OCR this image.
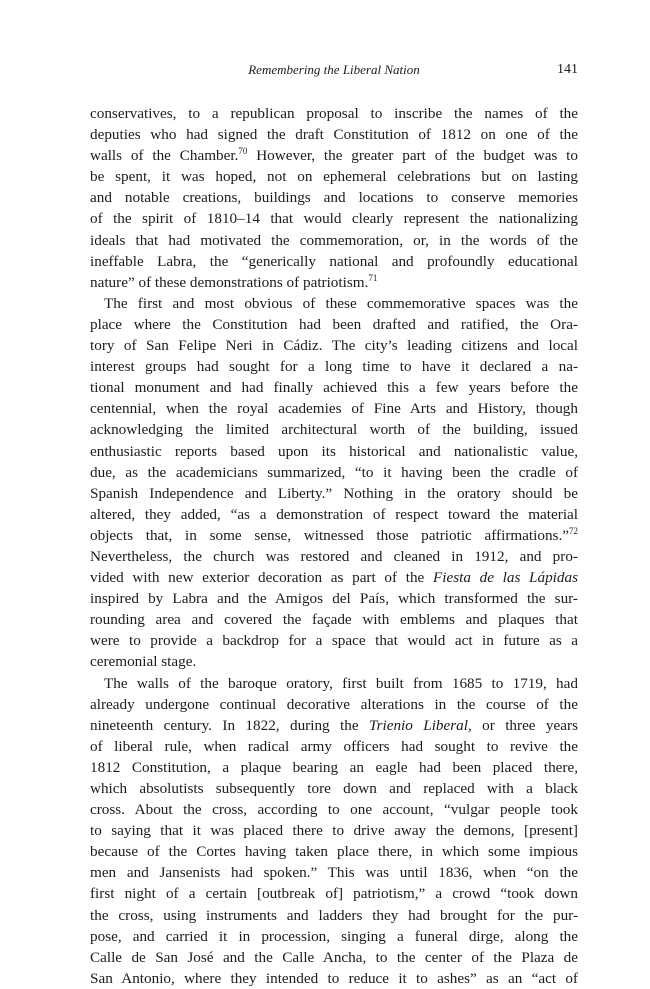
Remembering the Liberal Nation	141
conservatives, to a republican proposal to inscribe the names of the
deputies who had signed the draft Constitution of 1812 on one of the
walls of the Chamber.$^{70}$ However, the greater part of the budget was to
be spent, it was hoped, not on ephemeral celebrations but on lasting
and notable creations, buildings and locations to conserve memories
of the spirit of 1810–14 that would clearly represent the nationalizing
ideals that had motivated the commemoration, or, in the words of the
ineffable Labra, the “generically national and profoundly educational
nature” of these demonstrations of patriotism.$^{71}$
The first and most obvious of these commemorative spaces was the
place where the Constitution had been drafted and ratified, the Ora-
tory of San Felipe Neri in Cádiz. The city’s leading citizens and local
interest groups had sought for a long time to have it declared a na-
tional monument and had finally achieved this a few years before the
centennial, when the royal academies of Fine Arts and History, though
acknowledging the limited architectural worth of the building, issued
enthusiastic reports based upon its historical and nationalistic value,
due, as the academicians summarized, “to it having been the cradle of
Spanish Independence and Liberty.” Nothing in the oratory should be
altered, they added, “as a demonstration of respect toward the material
objects that, in some sense, witnessed those patriotic affirmations.”$^{72}$
Nevertheless, the church was restored and cleaned in 1912, and pro-
vided with new exterior decoration as part of the Fiesta de las Lápidas
inspired by Labra and the Amigos del País, which transformed the sur-
rounding area and covered the façade with emblems and plaques that
were to provide a backdrop for a space that would act in future as a
ceremonial stage.
The walls of the baroque oratory, first built from 1685 to 1719, had
already undergone continual decorative alterations in the course of the
nineteenth century. In 1822, during the Trienio Liberal, or three years
of liberal rule, when radical army officers had sought to revive the
1812 Constitution, a plaque bearing an eagle had been placed there,
which absolutists subsequently tore down and replaced with a black
cross. About the cross, according to one account, “vulgar people took
to saying that it was placed there to drive away the demons, [present]
because of the Cortes having taken place there, in which some impious
men and Jansenists had spoken.” This was until 1836, when “on the
first night of a certain [outbreak of] patriotism,” a crowd “took down
the cross, using instruments and ladders they had brought for the pur-
pose, and carried it in procession, singing a funeral dirge, along the
Calle de San José and the Calle Ancha, to the center of the Plaza de
San Antonio, where they intended to reduce it to ashes” as an “act of
